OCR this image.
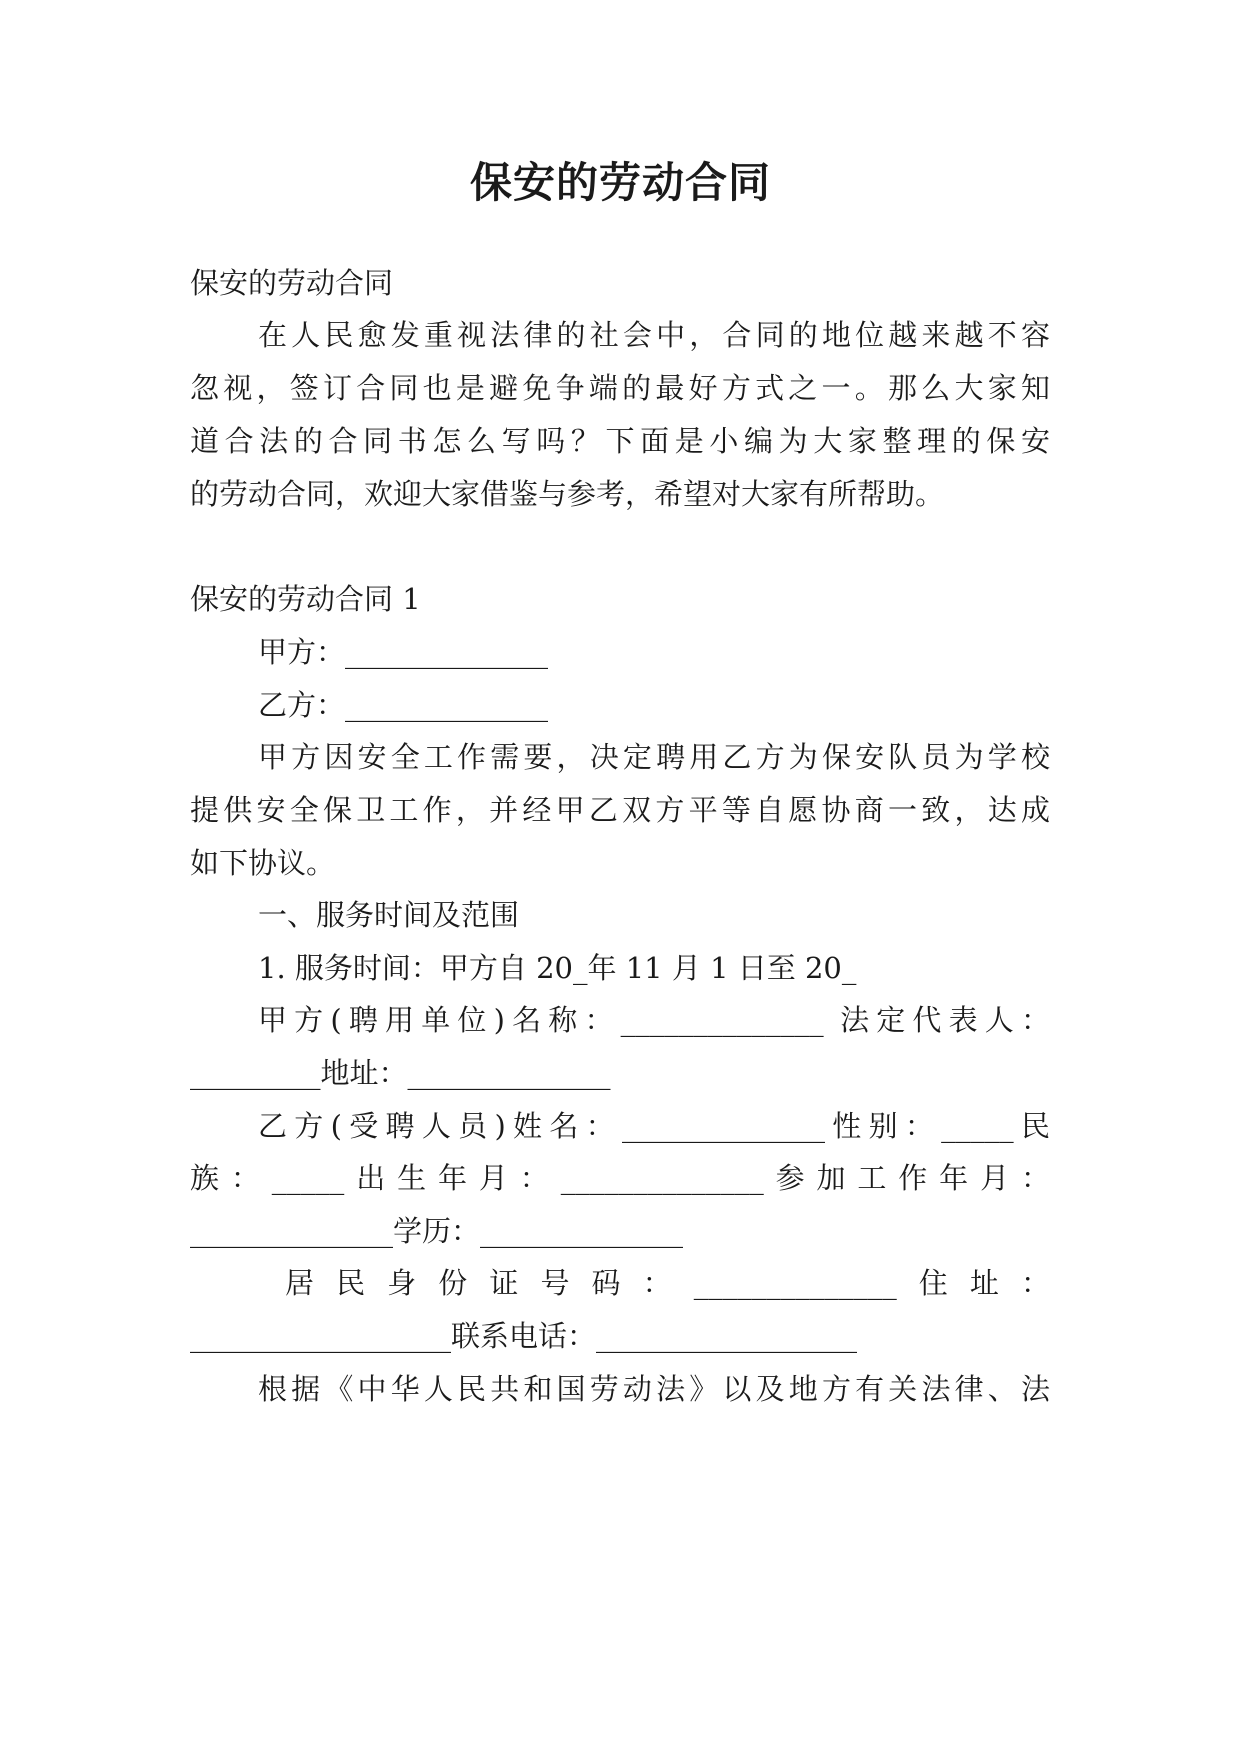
保安的劳动合同
保安的劳动合同
在人民愈发重视法律的社会中，合同的地位越来越不容
忽视，签订合同也是避免争端的最好方式之一。那么大家知
道合法的合同书怎么写吗？下面是小编为大家整理的保安
的劳动合同，欢迎大家借鉴与参考，希望对大家有所帮助。
保安的劳动合同 1
甲方：______________
乙方：______________
甲方因安全工作需要，决定聘用乙方为保安队员为学校
提供安全保卫工作，并经甲乙双方平等自愿协商一致，达成
如下协议。
一、服务时间及范围
1. 服务时间：甲方自 20_年 11 月 1 日至 20_
甲方(聘用单位)名称：______________ 法定代表人：
_________地址：______________
乙方(受聘人员)姓名：______________性别：_____民
族：_____出生年月：______________参加工作年月：
______________学历：______________
居民身份证号码：______________住址：
__________________联系电话：__________________
根据《中华人民共和国劳动法》以及地方有关法律、法
